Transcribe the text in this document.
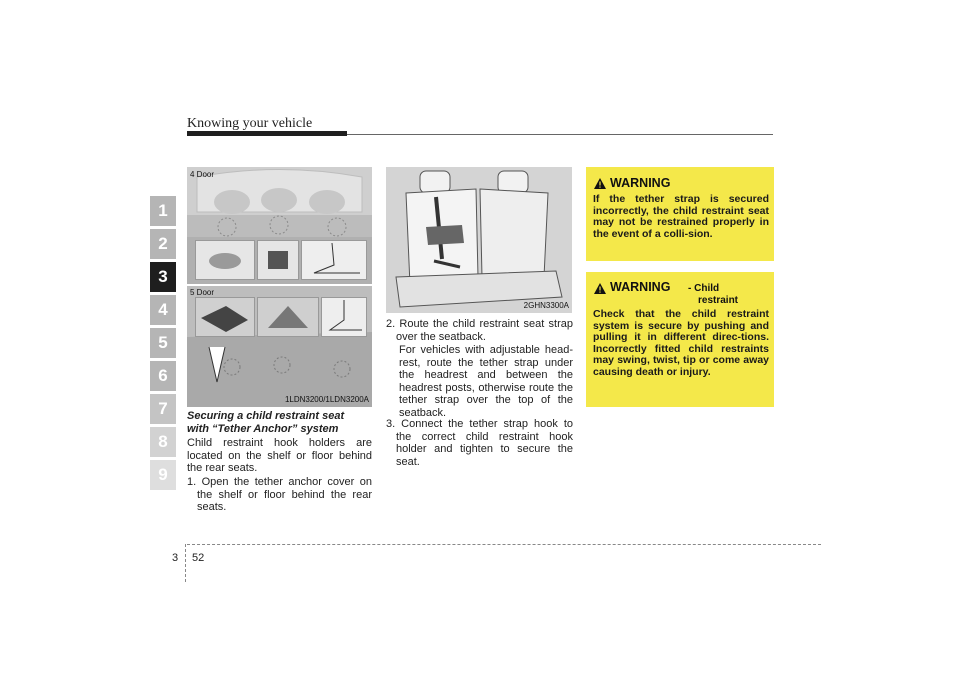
Knowing your vehicle
1
2
3
4
5
6
7
8
9
4 Door
5 Door
1LDN3200/1LDN3200A
Securing a child restraint seat
with “Tether Anchor” system
Child restraint hook holders are located on the shelf or floor behind the rear seats.
1. Open the tether anchor cover on the shelf or floor behind the rear seats.
2GHN3300A
2. Route the child restraint seat strap over the seatback.
For vehicles with adjustable head-rest, route the tether strap under the headrest and between the headrest posts, otherwise route the tether strap over the top of the seatback.
3. Connect the tether strap hook to the correct child restraint hook holder and tighten to secure the seat.
WARNING
If the tether strap is secured incorrectly, the child restraint seat may not be restrained properly in the event of a colli-sion.
WARNING - Child
restraint
Check that the child restraint system is secure by pushing and pulling it in different direc-tions. Incorrectly fitted child restraints may swing, twist, tip or come away causing death or injury.
3 52
